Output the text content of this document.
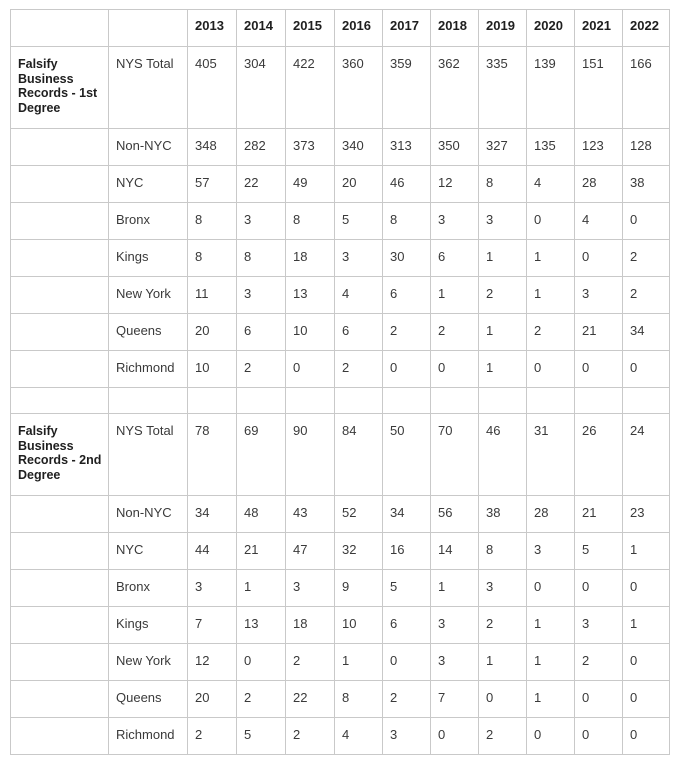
		2013	2014	2015	2016	2017	2018	2019	2020	2021	2022
Falsify Business Records - 1st Degree	NYS Total	405	304	422	360	359	362	335	139	151	166
	Non-NYC	348	282	373	340	313	350	327	135	123	128
	NYC	57	22	49	20	46	12	8	4	28	38
	Bronx	8	3	8	5	8	3	3	0	4	0
	Kings	8	8	18	3	30	6	1	1	0	2
	New York	11	3	13	4	6	1	2	1	3	2
	Queens	20	6	10	6	2	2	1	2	21	34
	Richmond	10	2	0	2	0	0	1	0	0	0

Falsify Business Records - 2nd Degree	NYS Total	78	69	90	84	50	70	46	31	26	24
	Non-NYC	34	48	43	52	34	56	38	28	21	23
	NYC	44	21	47	32	16	14	8	3	5	1
	Bronx	3	1	3	9	5	1	3	0	0	0
	Kings	7	13	18	10	6	3	2	1	3	1
	New York	12	0	2	1	0	3	1	1	2	0
	Queens	20	2	22	8	2	7	0	1	0	0
	Richmond	2	5	2	4	3	0	2	0	0	0
